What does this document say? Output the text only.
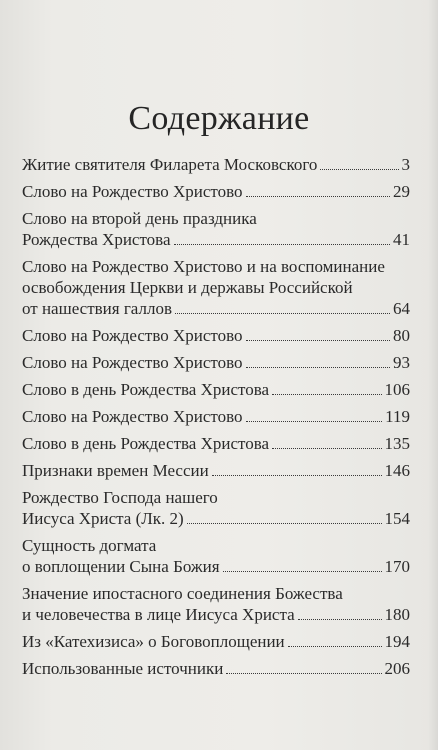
Содержание
Житие святителя Филарета Московского	3
Слово на Рождество Христово	29
Слово на второй день праздника
Рождества Христова	41
Слово на Рождество Христово и на воспоминание
освобождения Церкви и державы Российской
от нашествия галлов	64
Слово на Рождество Христово	80
Слово на Рождество Христово	93
Слово в день Рождества Христова	106
Слово на Рождество Христово	119
Слово в день Рождества Христова	135
Признаки времен Мессии	146
Рождество Господа нашего
Иисуса Христа (Лк. 2)	154
Сущность догмата
о воплощении Сына Божия	170
Значение ипостасного соединения Божества
и человечества в лице Иисуса Христа	180
Из «Катехизиса» о Боговоплощении	194
Использованные источники	206
